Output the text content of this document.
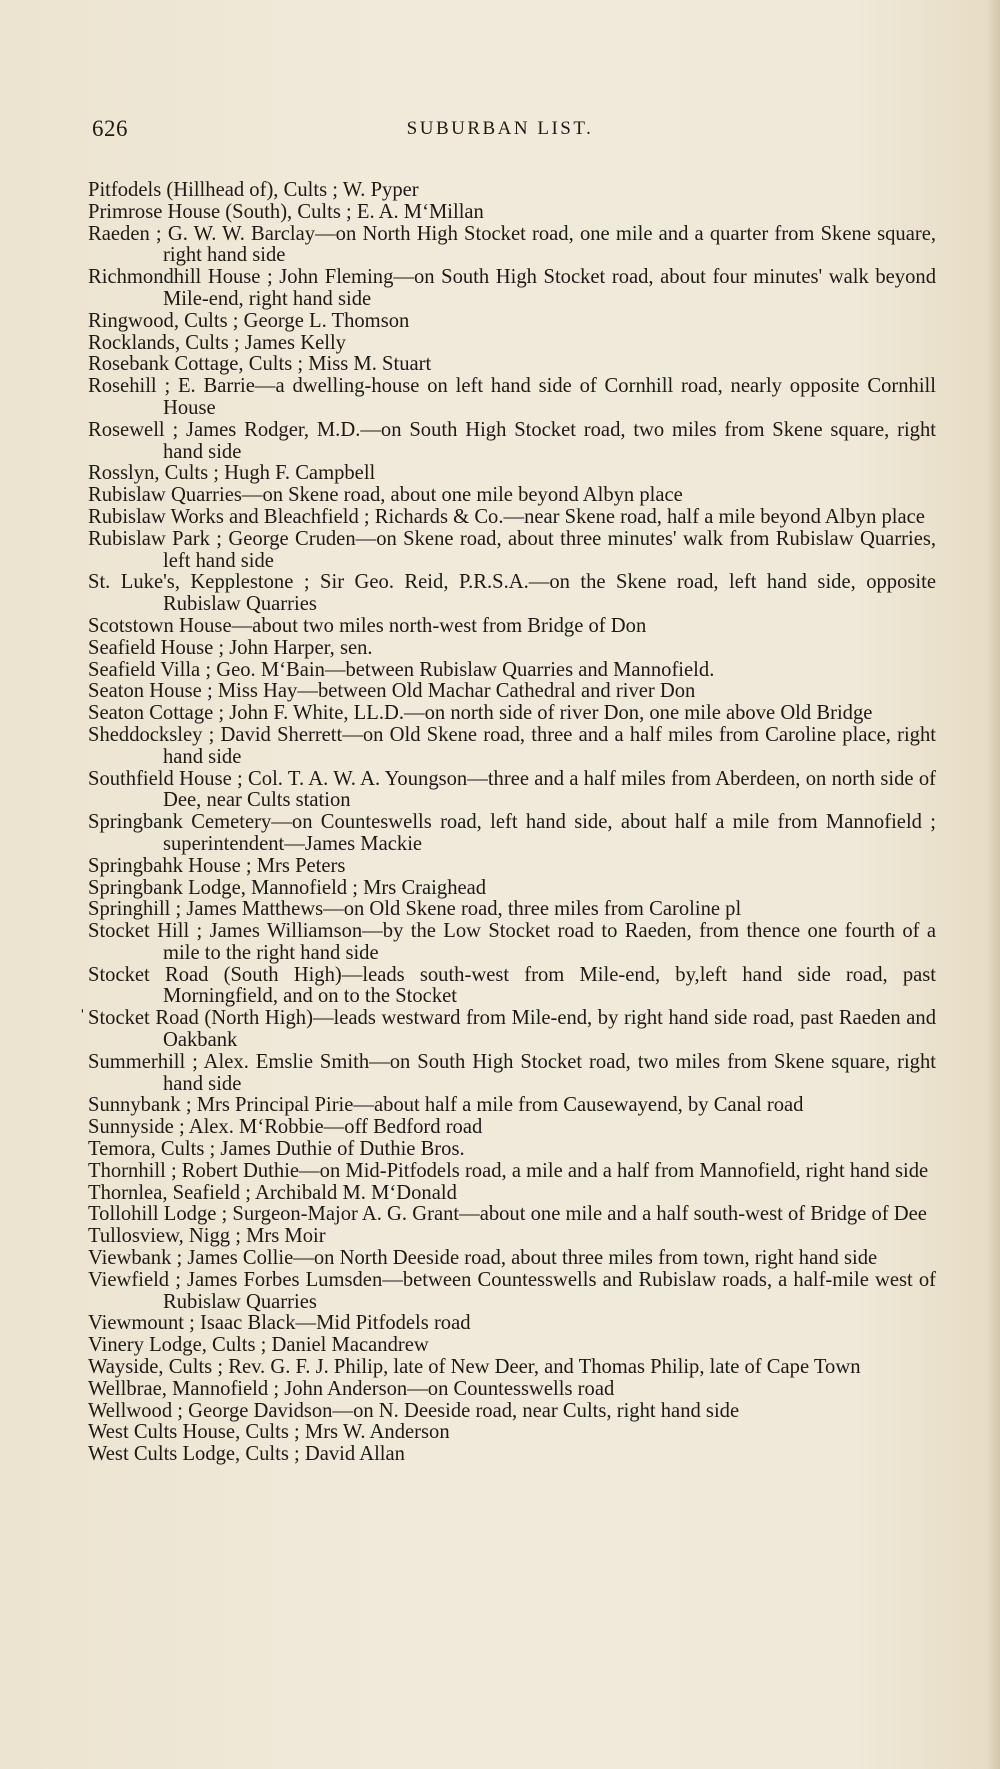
626	SUBURBAN LIST.
Pitfodels (Hillhead of), Cults ; W. Pyper
Primrose House (South), Cults ; E. A. M‘Millan
Raeden ; G. W. W. Barclay—on North High Stocket road, one mile and a quarter from Skene square, right hand side
Richmondhill House ; John Fleming—on South High Stocket road, about four minutes' walk beyond Mile-end, right hand side
Ringwood, Cults ; George L. Thomson
Rocklands, Cults ; James Kelly
Rosebank Cottage, Cults ; Miss M. Stuart
Rosehill ; E. Barrie—a dwelling-house on left hand side of Cornhill road, nearly opposite Cornhill House
Rosewell ; James Rodger, M.D.—on South High Stocket road, two miles from Skene square, right hand side
Rosslyn, Cults ; Hugh F. Campbell
Rubislaw Quarries—on Skene road, about one mile beyond Albyn place
Rubislaw Works and Bleachfield ; Richards & Co.—near Skene road, half a mile beyond Albyn place
Rubislaw Park ; George Cruden—on Skene road, about three minutes' walk from Rubislaw Quarries, left hand side
St. Luke's, Kepplestone ; Sir Geo. Reid, P.R.S.A.—on the Skene road, left hand side, opposite Rubislaw Quarries
Scotstown House—about two miles north-west from Bridge of Don
Seafield House ; John Harper, sen.
Seafield Villa ; Geo. M‘Bain—between Rubislaw Quarries and Mannofield.
Seaton House ; Miss Hay—between Old Machar Cathedral and river Don
Seaton Cottage ; John F. White, LL.D.—on north side of river Don, one mile above Old Bridge
Sheddocksley ; David Sherrett—on Old Skene road, three and a half miles from Caroline place, right hand side
Southfield House ; Col. T. A. W. A. Youngson—three and a half miles from Aberdeen, on north side of Dee, near Cults station
Springbank Cemetery—on Counteswells road, left hand side, about half a mile from Mannofield ; superintendent—James Mackie
Springbahk House ; Mrs Peters
Springbank Lodge, Mannofield ; Mrs Craighead
Springhill ; James Matthews—on Old Skene road, three miles from Caroline pl
Stocket Hill ; James Williamson—by the Low Stocket road to Raeden, from thence one fourth of a mile to the right hand side
Stocket Road (South High)—leads south-west from Mile-end, by,left hand side road, past Morningfield, and on to the Stocket
ˈ Stocket Road (North High)—leads westward from Mile-end, by right hand side road, past Raeden and Oakbank
Summerhill ; Alex. Emslie Smith—on South High Stocket road, two miles from Skene square, right hand side
Sunnybank ; Mrs Principal Pirie—about half a mile from Causewayend, by Canal road
Sunnyside ; Alex. M‘Robbie—off Bedford road
Temora, Cults ; James Duthie of Duthie Bros.
Thornhill ; Robert Duthie—on Mid-Pitfodels road, a mile and a half from Mannofield, right hand side
Thornlea, Seafield ; Archibald M. M‘Donald
Tollohill Lodge ; Surgeon-Major A. G. Grant—about one mile and a half south-west of Bridge of Dee
Tullosview, Nigg ; Mrs Moir
Viewbank ; James Collie—on North Deeside road, about three miles from town, right hand side
Viewfield ; James Forbes Lumsden—between Countesswells and Rubislaw roads, a half-mile west of Rubislaw Quarries
Viewmount ; Isaac Black—Mid Pitfodels road
Vinery Lodge, Cults ; Daniel Macandrew
Wayside, Cults ; Rev. G. F. J. Philip, late of New Deer, and Thomas Philip, late of Cape Town
Wellbrae, Mannofield ; John Anderson—on Countesswells road
Wellwood ; George Davidson—on N. Deeside road, near Cults, right hand side
West Cults House, Cults ; Mrs W. Anderson
West Cults Lodge, Cults ; David Allan
